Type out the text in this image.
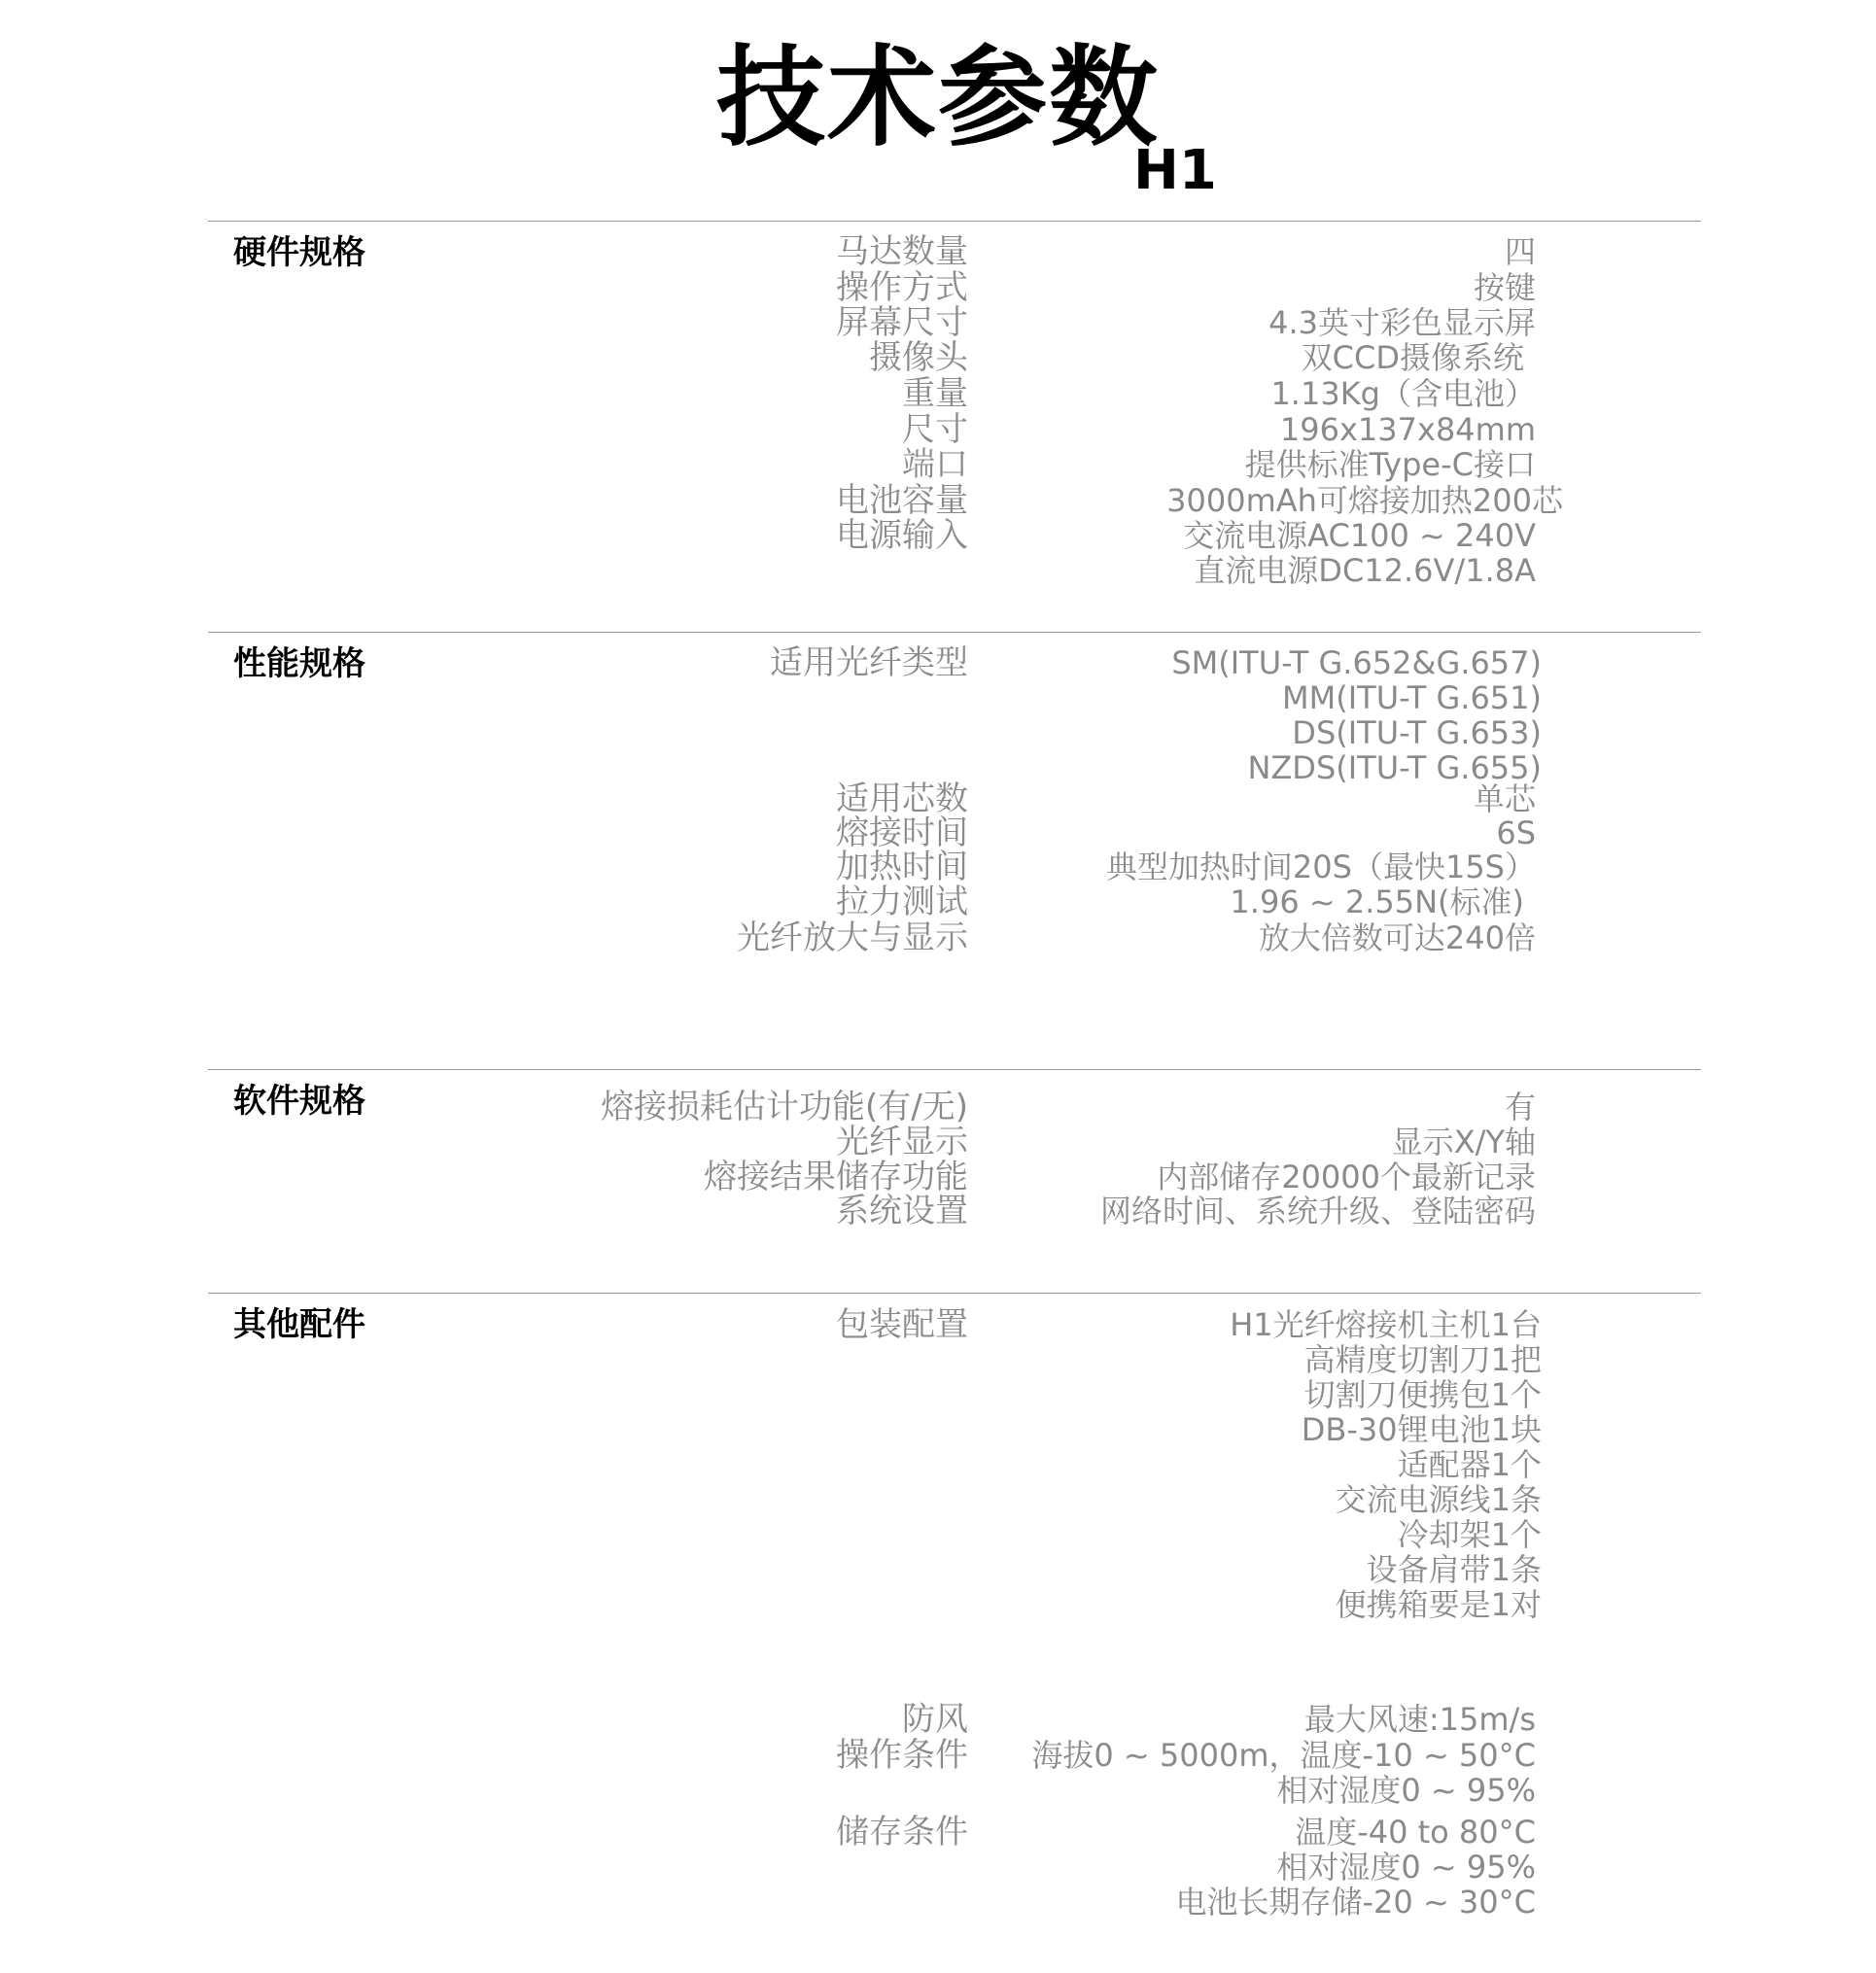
技术参数
H1
硬件规格	马达数量	四
操作方式	按键
屏幕尺寸	4.3英寸彩色显示屏
摄像头	双CCD摄像系统
重量	1.13Kg（含电池）
尺寸	196x137x84mm
端口	提供标准Type-C接口
电池容量	3000mAh可熔接加热200芯
电源输入	交流电源AC100 ~ 240V
直流电源DC12.6V/1.8A
性能规格	适用光纤类型	SM(ITU-T G.652&G.657)
MM(ITU-T G.651)
DS(ITU-T G.653)
NZDS(ITU-T G.655)
适用芯数	单芯
熔接时间	6S
加热时间	典型加热时间20S（最快15S）
拉力测试	1.96 ~ 2.55N(标准)
光纤放大与显示	放大倍数可达240倍
软件规格	熔接损耗估计功能(有/无)	有
光纤显示	显示X/Y轴
熔接结果储存功能	内部储存20000个最新记录
系统设置	网络时间、系统升级、登陆密码
其他配件	包装配置	H1光纤熔接机主机1台
高精度切割刀1把
切割刀便携包1个
DB-30锂电池1块
适配器1个
交流电源线1条
冷却架1个
设备肩带1条
便携箱要是1对
防风	最大风速:15m/s
操作条件 海拔0 ~ 5000m，温度-10 ~ 50°C
相对湿度0 ~ 95%
储存条件	温度-40 to 80°C
相对湿度0 ~ 95%
电池长期存储-20 ~ 30°C
